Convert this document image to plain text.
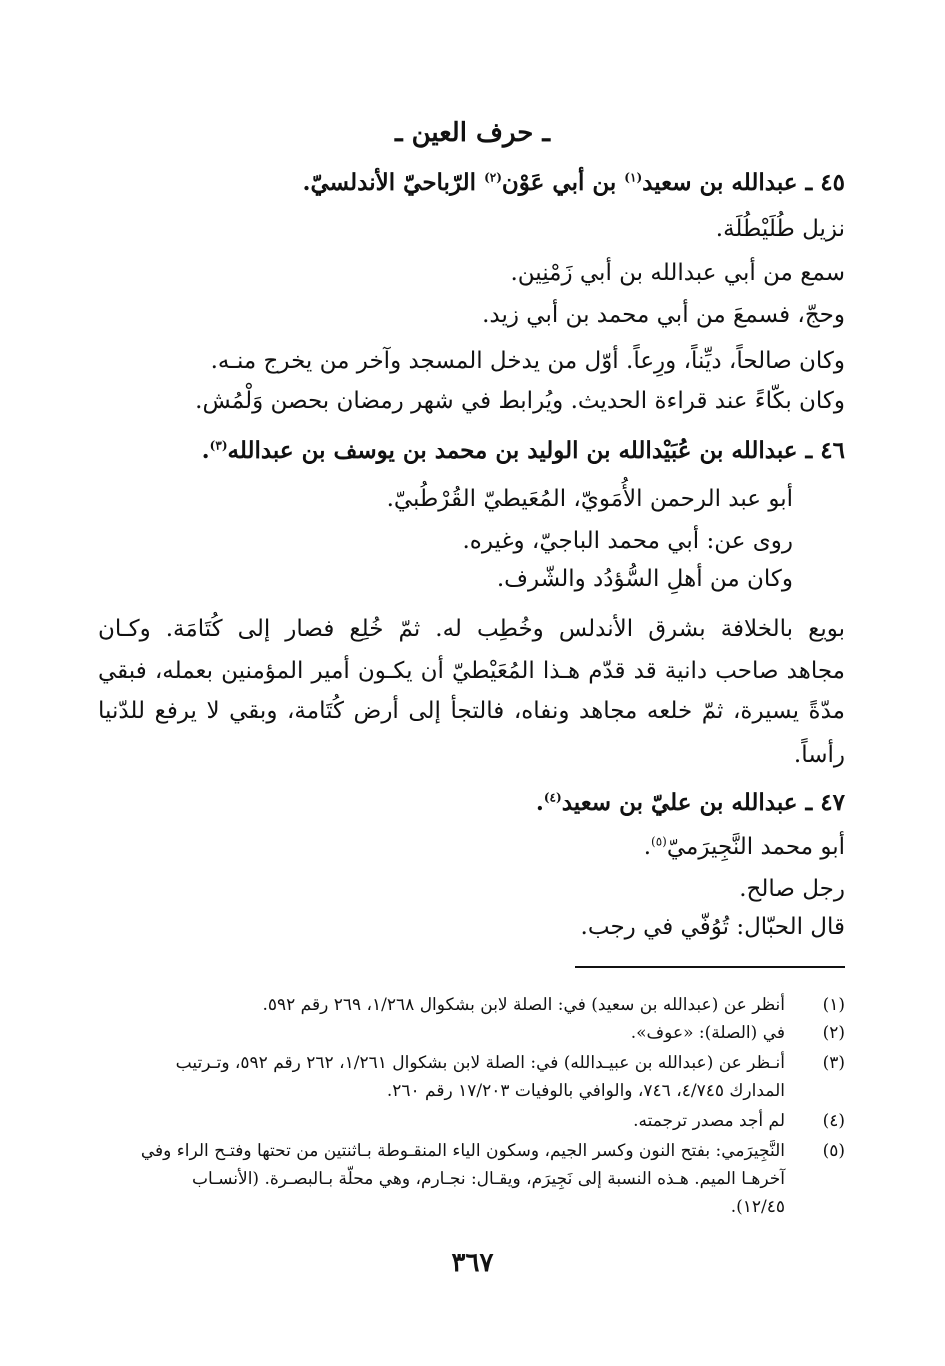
ـ حرف العين ـ
٤٥ ـ عبدالله بن سعيد$^{(١)}$ بن أبي عَوْن$^{(٢)}$ الرّباحيّ الأندلسيّ.
نزيل طُلَيْطُلَة.
سمع من أبي عبدالله بن أبي زَمْنِين.
وحجّ، فسمعَ من أبي محمد بن أبي زيد.
وكان صالحاً، ديِّناً، ورِعاً. أوّل من يدخل المسجد وآخر من يخرج منـه.
وكان بكّاءً عند قراءة الحديث. ويُرابط في شهر رمضان بحصن وَلْمُش.
٤٦ ـ عبدالله بن عُبَيْدالله بن الوليد بن محمد بن يوسف بن عبدالله$^{(٣)}$.
أبو عبد الرحمن الأُمَويّ، المُعَيطيّ القُرْطُبيّ.
روى عن: أبي محمد الباجيّ، وغيره.
وكان من أهلِ السُّؤدُد والشّرف.
بويع بالخلافة بشرق الأندلس وخُطِب له. ثمّ خُلِع فصار إلى كُتَامَة. وكـان
مجاهد صاحب دانية قد قدّم هـذا المُعَيْطيّ أن يكـون أمير المؤمنين بعمله، فبقي
مدّةً يسيرة، ثمّ خلعه مجاهد ونفاه، فالتجأ إلى أرض كُتَامة، وبقي لا يرفع للدّنيا
رأساً.
٤٧ ـ عبدالله بن عليّ بن سعيد$^{(٤)}$.
أبو محمد النَّجِيرَميّ$^{(٥)}$.
رجل صالح.
قال الحبّال: تُوُفّي في رجب.
(١)
أنظر عن (عبدالله بن سعيد) في: الصلة لابن بشكوال ١/٢٦٨، ٢٦٩ رقم ٥٩٢.
(٢)
في (الصلة): «عوف».
(٣)
أنـظر عن (عبدالله بن عبيـدالله) في: الصلة لابن بشكوال ١/٢٦١، ٢٦٢ رقم ٥٩٢، وتـرتيب
المدارك ٤/٧٤٥، ٧٤٦، والوافي بالوفيات ١٧/٢٠٣ رقم ٢٦٠.
(٤)
لم أجد مصدر ترجمته.
(٥)
النَّجِيرَمي: بفتح النون وكسر الجيم، وسكون الياء المنقـوطة بـاثنتين من تحتها وفتـح الراء وفي
آخرهـا الميم. هـذه النسبة إلى نَجِيرَم، ويقـال: نجـارم، وهي محلّة بـالبصـرة. (الأنسـاب
١٢/٤٥).
٣٦٧
